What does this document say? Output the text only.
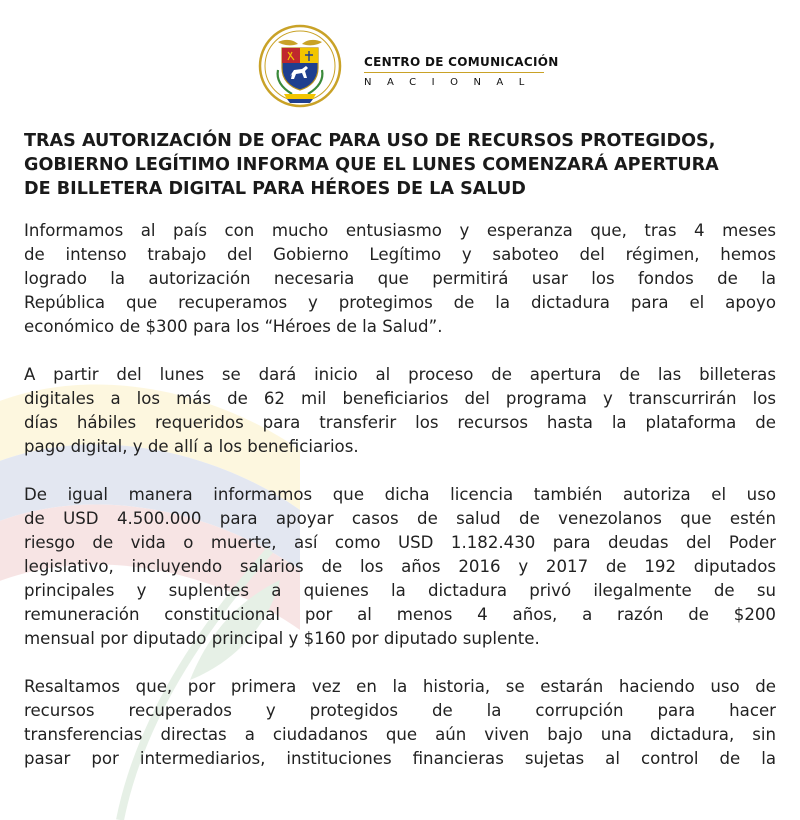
CENTRO DE COMUNICACIÓN
NACIONAL
TRAS AUTORIZACIÓN DE OFAC PARA USO DE RECURSOS PROTEGIDOS,
GOBIERNO LEGÍTIMO INFORMA QUE EL LUNES COMENZARÁ APERTURA
DE BILLETERA DIGITAL PARA HÉROES DE LA SALUD
Informamos al país con mucho entusiasmo y esperanza que, tras 4 meses
de intenso trabajo del Gobierno Legítimo y saboteo del régimen, hemos
logrado la autorización necesaria que permitirá usar los fondos de la
República que recuperamos y protegimos de la dictadura para el apoyo
económico de $300 para los “Héroes de la Salud”.
A partir del lunes se dará inicio al proceso de apertura de las billeteras
digitales a los más de 62 mil beneficiarios del programa y transcurrirán los
días hábiles requeridos para transferir los recursos hasta la plataforma de
pago digital, y de allí a los beneficiarios.
De igual manera informamos que dicha licencia también autoriza el uso
de USD 4.500.000 para apoyar casos de salud de venezolanos que estén
riesgo de vida o muerte, así como USD 1.182.430 para deudas del Poder
legislativo, incluyendo salarios de los años 2016 y 2017 de 192 diputados
principales y suplentes a quienes la dictadura privó ilegalmente de su
remuneración constitucional por al menos 4 años, a razón de $200
mensual por diputado principal y $160 por diputado suplente.
Resaltamos que, por primera vez en la historia, se estarán haciendo uso de
recursos recuperados y protegidos de la corrupción para hacer
transferencias directas a ciudadanos que aún viven bajo una dictadura, sin
pasar por intermediarios, instituciones financieras sujetas al control de la
